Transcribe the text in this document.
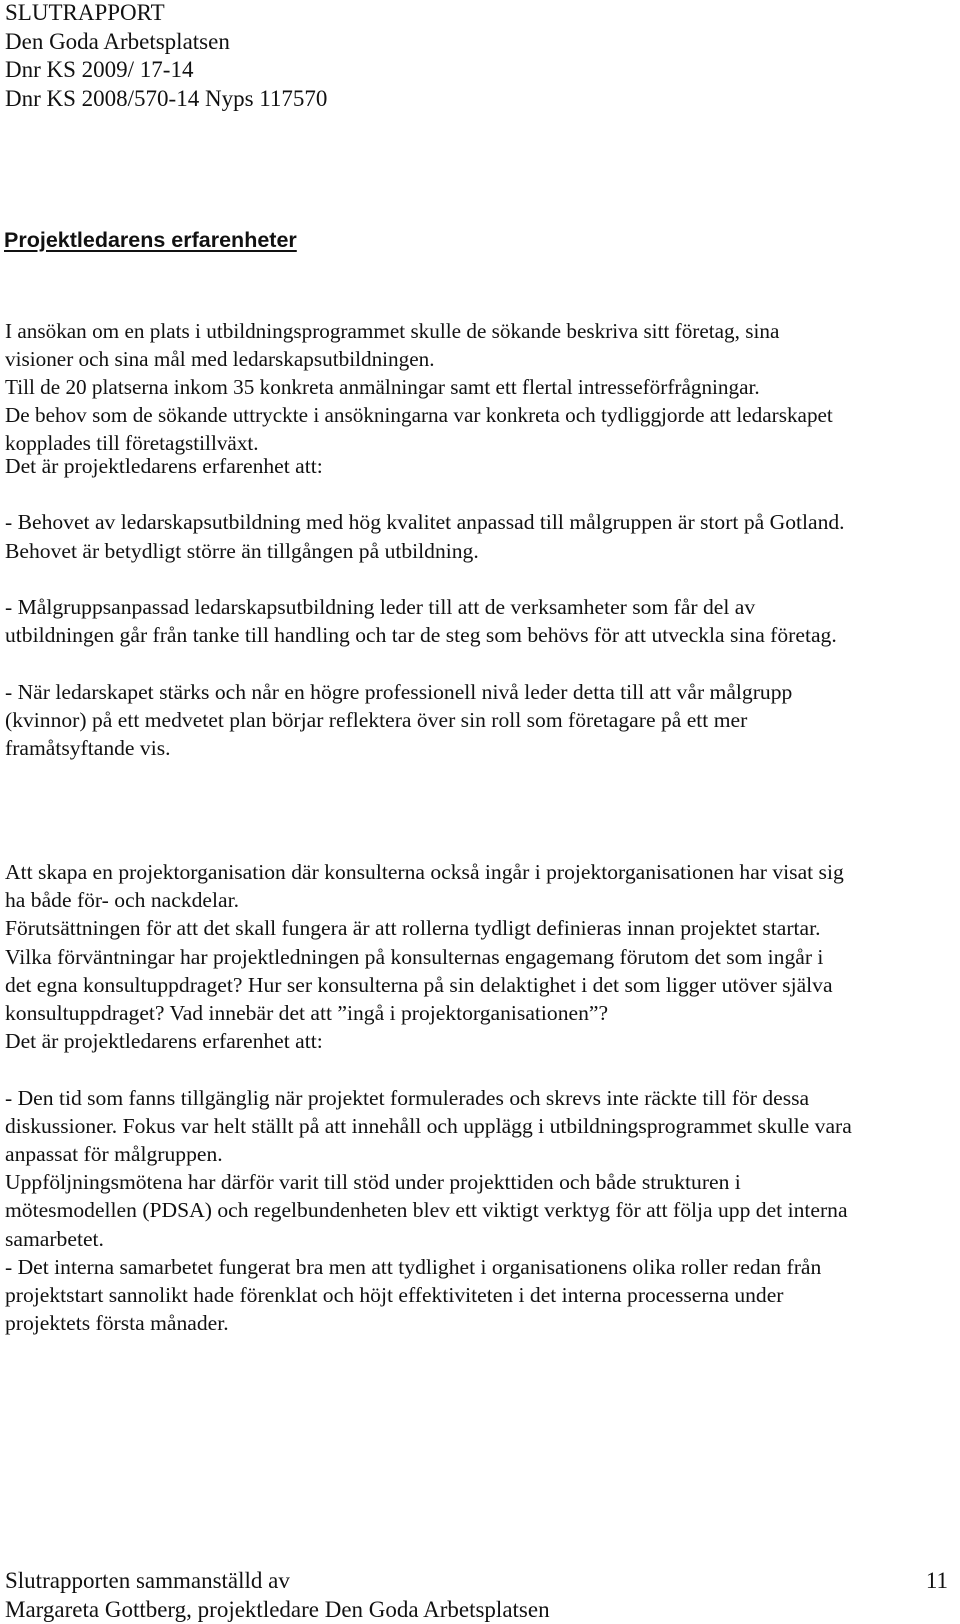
SLUTRAPPORT
Den Goda Arbetsplatsen
Dnr KS 2009/ 17-14
Dnr KS 2008/570-14 Nyps 117570
Projektledarens erfarenheter
I ansökan om en plats i utbildningsprogrammet skulle de sökande beskriva sitt företag, sina
visioner och sina mål med ledarskapsutbildningen.
Till de 20 platserna inkom 35 konkreta anmälningar samt ett flertal intresseförfrågningar.
De behov som de sökande uttryckte i ansökningarna var konkreta och tydliggjorde att ledarskapet
kopplades till företagstillväxt.
Det är projektledarens erfarenhet att:
- Behovet av ledarskapsutbildning med hög kvalitet anpassad till målgruppen är stort på Gotland.
Behovet är betydligt större än tillgången på utbildning.
- Målgruppsanpassad ledarskapsutbildning leder till att de verksamheter som får del av
utbildningen går från tanke till handling och tar de steg som behövs för att utveckla sina företag.
- När ledarskapet stärks och når en högre professionell nivå leder detta till att vår målgrupp
(kvinnor) på ett medvetet plan börjar reflektera över sin roll som företagare på ett mer
framåtsyftande vis.
Att skapa en projektorganisation där konsulterna också ingår i projektorganisationen har visat sig
ha både för- och nackdelar.
Förutsättningen för att det skall fungera är att rollerna tydligt definieras innan projektet startar.
Vilka förväntningar har projektledningen på konsulternas engagemang förutom det som ingår i
det egna konsultuppdraget? Hur ser konsulterna på sin delaktighet i det som ligger utöver själva
konsultuppdraget? Vad innebär det att ”ingå i projektorganisationen”?
Det är projektledarens erfarenhet att:
- Den tid som fanns tillgänglig när projektet formulerades och skrevs inte räckte till för dessa
diskussioner. Fokus var helt ställt på att innehåll och upplägg i utbildningsprogrammet skulle vara
anpassat för målgruppen.
Uppföljningsmötena har därför varit till stöd under projekttiden och både strukturen i
mötesmodellen (PDSA) och regelbundenheten blev ett viktigt verktyg för att följa upp det interna
samarbetet.
- Det interna samarbetet fungerat bra men att tydlighet i organisationens olika roller redan från
projektstart sannolikt hade förenklat och höjt effektiviteten i det interna processerna under
projektets första månader.
Slutrapporten sammanställd av
Margareta Gottberg, projektledare Den Goda Arbetsplatsen
11
